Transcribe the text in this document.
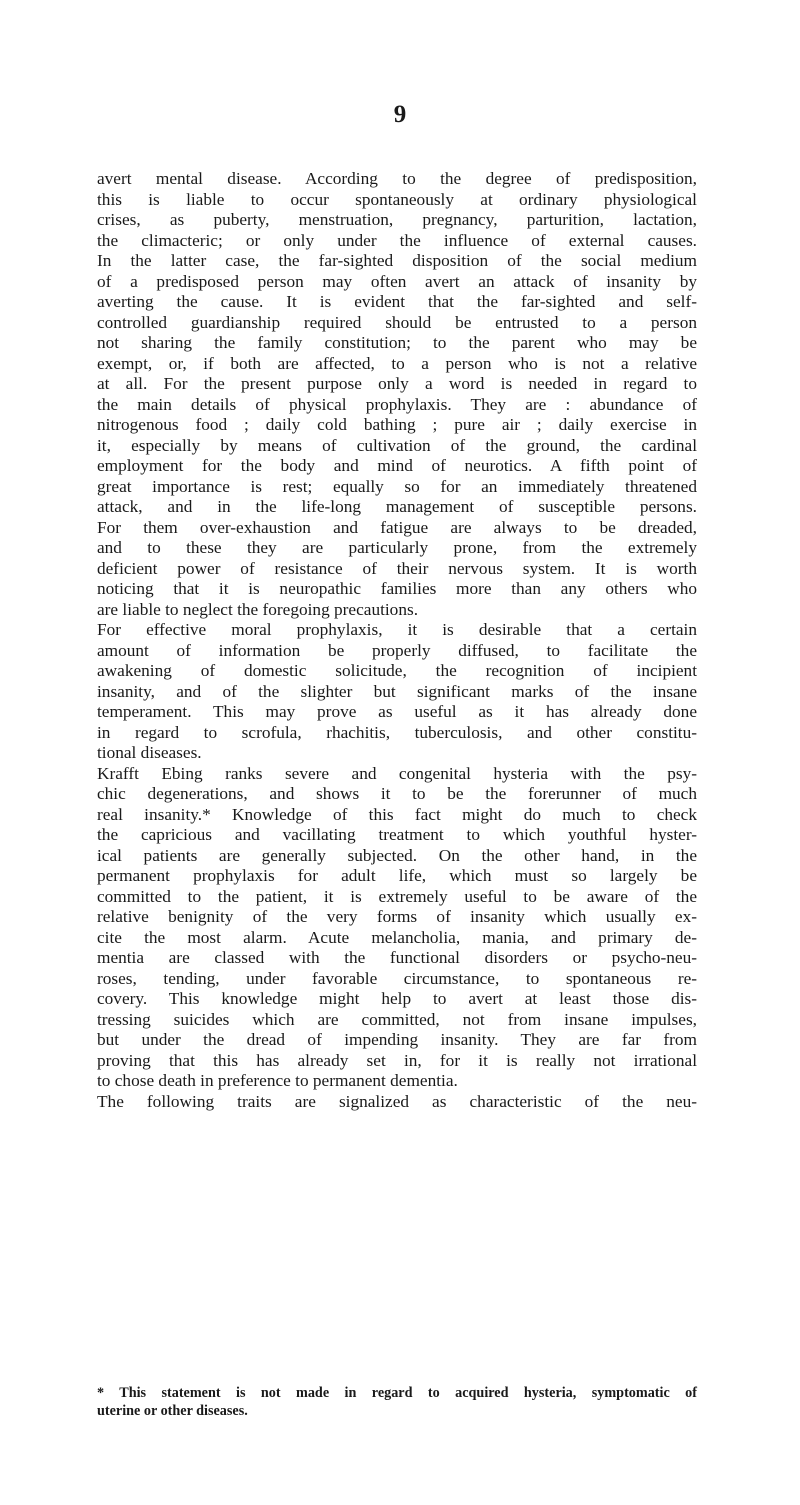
9
avert mental disease. According to the degree of predisposition,
this is liable to occur spontaneously at ordinary physiological
crises, as puberty, menstruation, pregnancy, parturition, lactation,
the climacteric; or only under the influence of external causes.
In the latter case, the far-sighted disposition of the social medium
of a predisposed person may often avert an attack of insanity by
averting the cause. It is evident that the far-sighted and self-
controlled guardianship required should be entrusted to a person
not sharing the family constitution; to the parent who may be
exempt, or, if both are affected, to a person who is not a relative
at all. For the present purpose only a word is needed in regard to
the main details of physical prophylaxis. They are : abundance of
nitrogenous food ; daily cold bathing ; pure air ; daily exercise in
it, especially by means of cultivation of the ground, the cardinal
employment for the body and mind of neurotics. A fifth point of
great importance is rest; equally so for an immediately threatened
attack, and in the life-long management of susceptible persons.
For them over-exhaustion and fatigue are always to be dreaded,
and to these they are particularly prone, from the extremely
deficient power of resistance of their nervous system. It is worth
noticing that it is neuropathic families more than any others who
are liable to neglect the foregoing precautions.
For effective moral prophylaxis, it is desirable that a certain
amount of information be properly diffused, to facilitate the
awakening of domestic solicitude, the recognition of incipient
insanity, and of the slighter but significant marks of the insane
temperament. This may prove as useful as it has already done
in regard to scrofula, rhachitis, tuberculosis, and other constitu-
tional diseases.
Krafft Ebing ranks severe and congenital hysteria with the psy-
chic degenerations, and shows it to be the forerunner of much
real insanity.* Knowledge of this fact might do much to check
the capricious and vacillating treatment to which youthful hyster-
ical patients are generally subjected. On the other hand, in the
permanent prophylaxis for adult life, which must so largely be
committed to the patient, it is extremely useful to be aware of the
relative benignity of the very forms of insanity which usually ex-
cite the most alarm. Acute melancholia, mania, and primary de-
mentia are classed with the functional disorders or psycho-neu-
roses, tending, under favorable circumstance, to spontaneous re-
covery. This knowledge might help to avert at least those dis-
tressing suicides which are committed, not from insane impulses,
but under the dread of impending insanity. They are far from
proving that this has already set in, for it is really not irrational
to chose death in preference to permanent dementia.
The following traits are signalized as characteristic of the neu-
* This statement is not made in regard to acquired hysteria, symptomatic of
uterine or other diseases.
